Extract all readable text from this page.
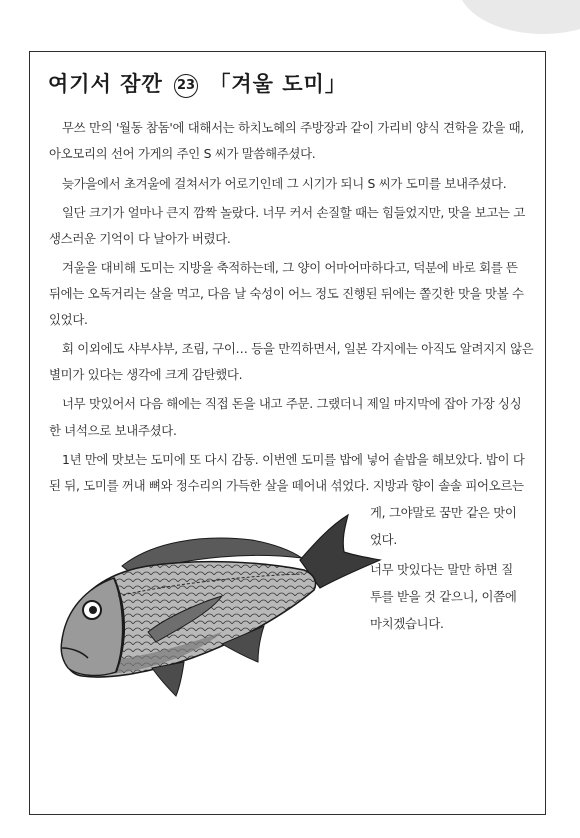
여기서 잠깐 23 「겨울 도미」
무쓰 만의 '월동 참돔'에 대해서는 하치노헤의 주방장과 같이 가리비 양식 견학을 갔을 때,
아오모리의 선어 가게의 주인 S 씨가 말씀해주셨다.
늦가을에서 초겨울에 걸쳐서가 어로기인데 그 시기가 되니 S 씨가 도미를 보내주셨다.
일단 크기가 얼마나 큰지 깜짝 놀랐다. 너무 커서 손질할 때는 힘들었지만, 맛을 보고는 고
생스러운 기억이 다 날아가 버렸다.
겨울을 대비해 도미는 지방을 축적하는데, 그 양이 어마어마하다고, 덕분에 바로 회를 뜬
뒤에는 오독거리는 살을 먹고, 다음 날 숙성이 어느 정도 진행된 뒤에는 쫄깃한 맛을 맛볼 수
있었다.
회 이외에도 샤부샤부, 조림, 구이… 등을 만끽하면서, 일본 각지에는 아직도 알려지지 않은
별미가 있다는 생각에 크게 감탄했다.
너무 맛있어서 다음 해에는 직접 돈을 내고 주문. 그랬더니 제일 마지막에 잡아 가장 싱싱
한 녀석으로 보내주셨다.
1년 만에 맛보는 도미에 또 다시 감동. 이번엔 도미를 밥에 넣어 솥밥을 해보았다. 밥이 다
된 뒤, 도미를 꺼내 뼈와 정수리의 가득한 살을 떼어내 섞었다. 지방과 향이 솔솔 피어오르는
게, 그야말로 꿈만 같은 맛이
었다.
너무 맛있다는 말만 하면 질
투를 받을 것 같으니, 이쯤에
마치겠습니다.
